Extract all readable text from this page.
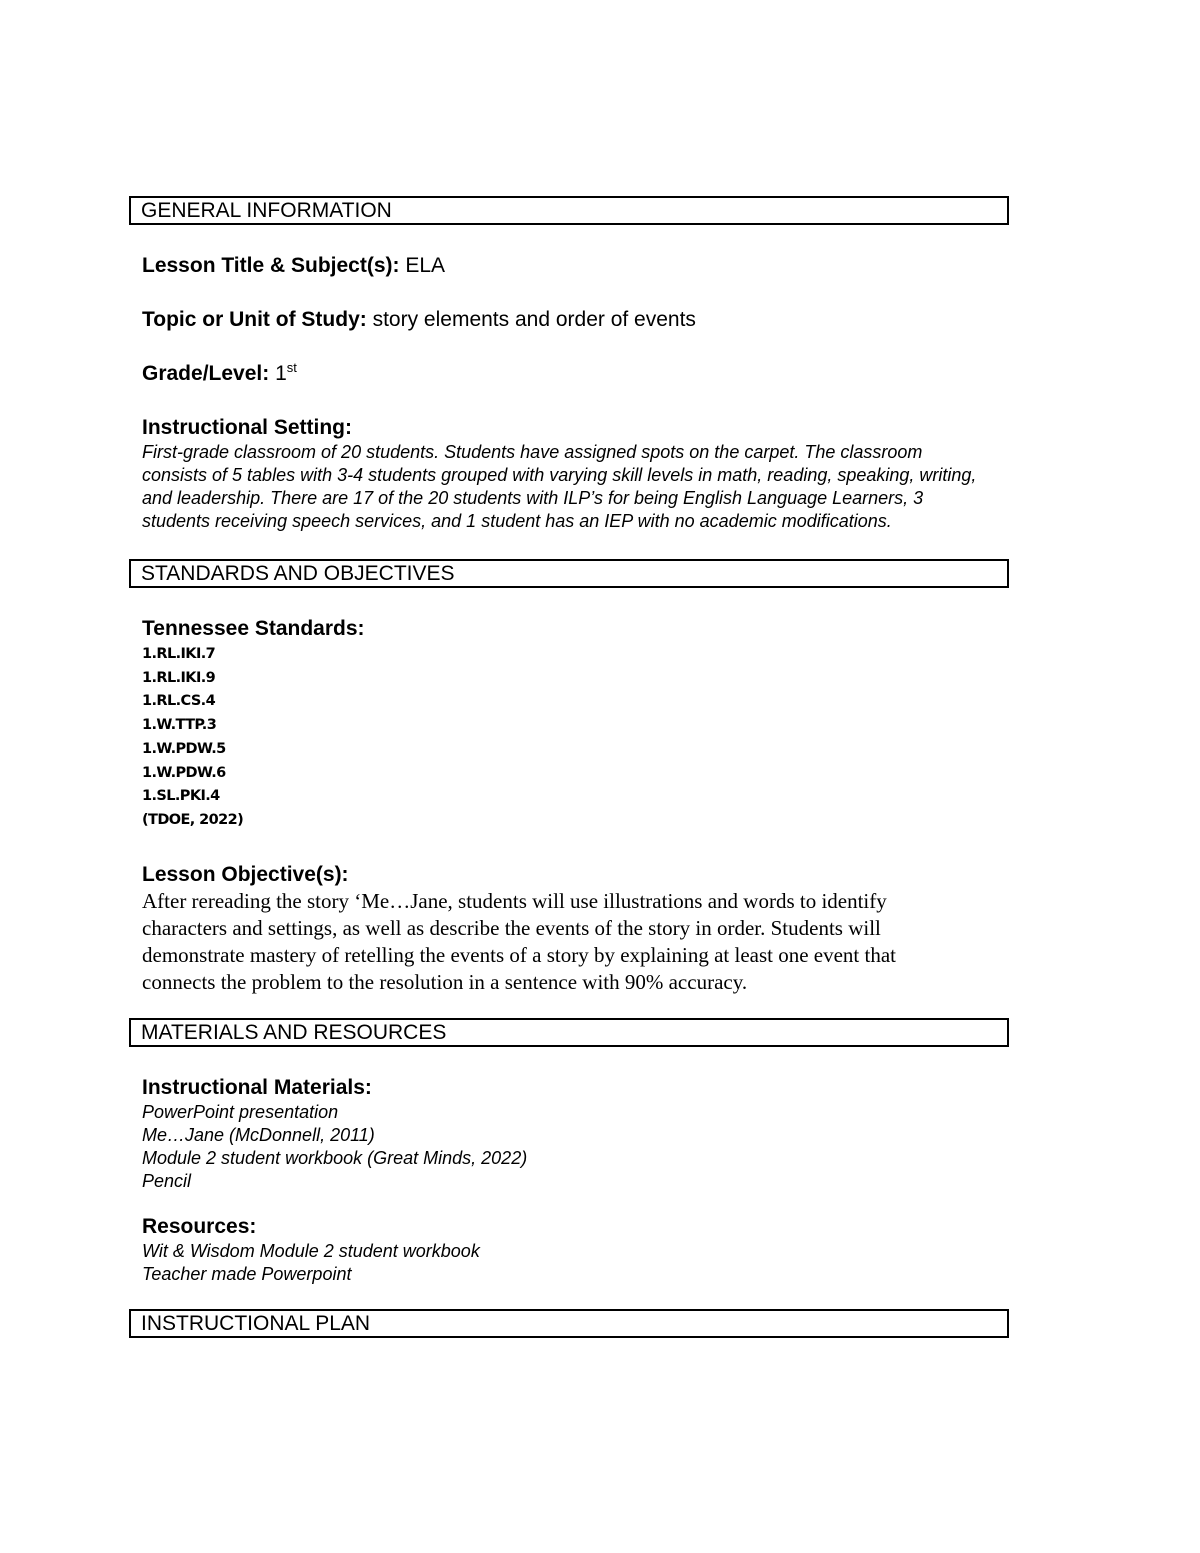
GENERAL INFORMATION
Lesson Title & Subject(s): ELA
Topic or Unit of Study: story elements and order of events
Grade/Level: 1st
Instructional Setting:
First-grade classroom of 20 students. Students have assigned spots on the carpet. The classroom
consists of 5 tables with 3-4 students grouped with varying skill levels in math, reading, speaking, writing,
and leadership. There are 17 of the 20 students with ILP’s for being English Language Learners, 3
students receiving speech services, and 1 student has an IEP with no academic modifications.
STANDARDS AND OBJECTIVES
Tennessee Standards:
1.RL.IKI.7
1.RL.IKI.9
1.RL.CS.4
1.W.TTP.3
1.W.PDW.5
1.W.PDW.6
1.SL.PKI.4
(TDOE, 2022)
Lesson Objective(s):
After rereading the story ‘Me…Jane, students will use illustrations and words to identify
characters and settings, as well as describe the events of the story in order. Students will
demonstrate mastery of retelling the events of a story by explaining at least one event that
connects the problem to the resolution in a sentence with 90% accuracy.
MATERIALS AND RESOURCES
Instructional Materials:
PowerPoint presentation
Me…Jane (McDonnell, 2011)
Module 2 student workbook (Great Minds, 2022)
Pencil
Resources:
Wit & Wisdom Module 2 student workbook
Teacher made Powerpoint
INSTRUCTIONAL PLAN
